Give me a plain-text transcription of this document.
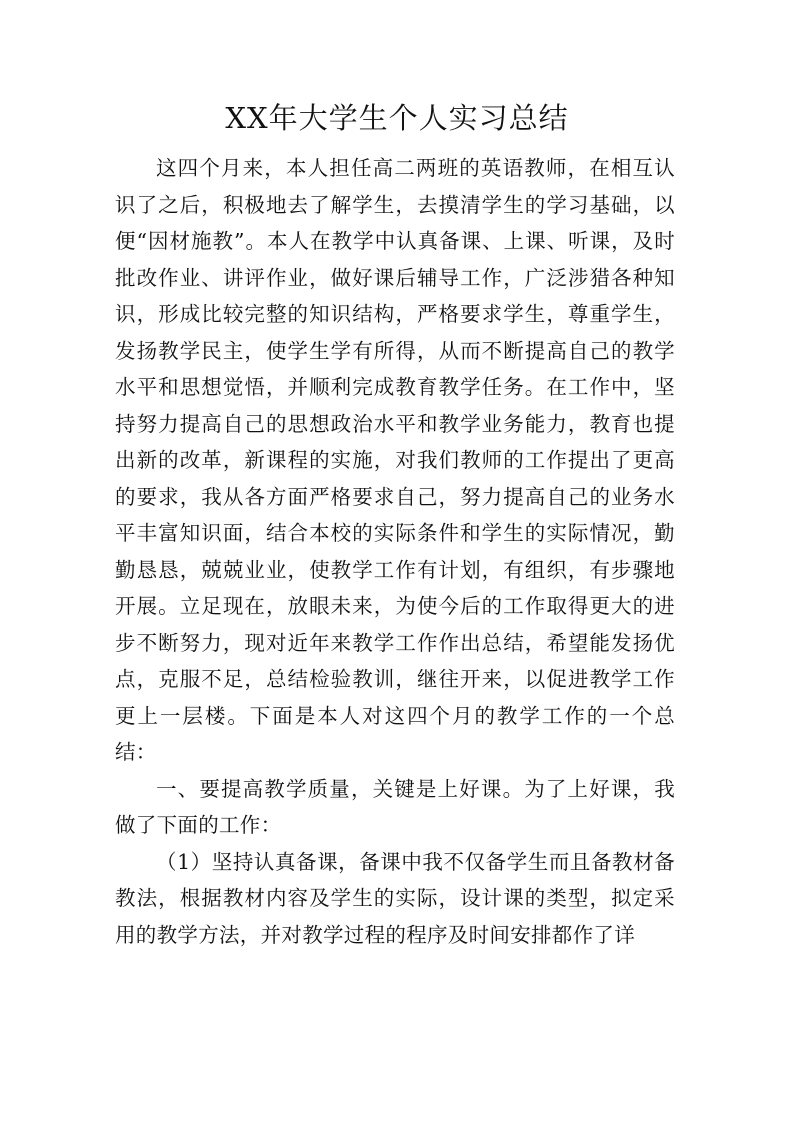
XX年大学生个人实习总结

这四个月来，本人担任高二两班的英语教师，在相互认识了之后，积极地去了解学生，去摸清学生的学习基础，以便“因材施教”。本人在教学中认真备课、上课、听课，及时批改作业、讲评作业，做好课后辅导工作，广泛涉猎各种知识，形成比较完整的知识结构，严格要求学生，尊重学生，发扬教学民主，使学生学有所得，从而不断提高自己的教学水平和思想觉悟，并顺利完成教育教学任务。在工作中，坚持努力提高自己的思想政治水平和教学业务能力，教育也提出新的改革，新课程的实施，对我们教师的工作提出了更高的要求，我从各方面严格要求自己，努力提高自己的业务水平丰富知识面，结合本校的实际条件和学生的实际情况，勤勤恳恳，兢兢业业，使教学工作有计划，有组织，有步骤地开展。立足现在，放眼未来，为使今后的工作取得更大的进步不断努力，现对近年来教学工作作出总结，希望能发扬优点，克服不足，总结检验教训，继往开来，以促进教学工作更上一层楼。下面是本人对这四个月的教学工作的一个总结：

一、要提高教学质量，关键是上好课。为了上好课，我做了下面的工作：

（1）坚持认真备课，备课中我不仅备学生而且备教材备教法，根据教材内容及学生的实际，设计课的类型，拟定采用的教学方法，并对教学过程的程序及时间安排都作了详
